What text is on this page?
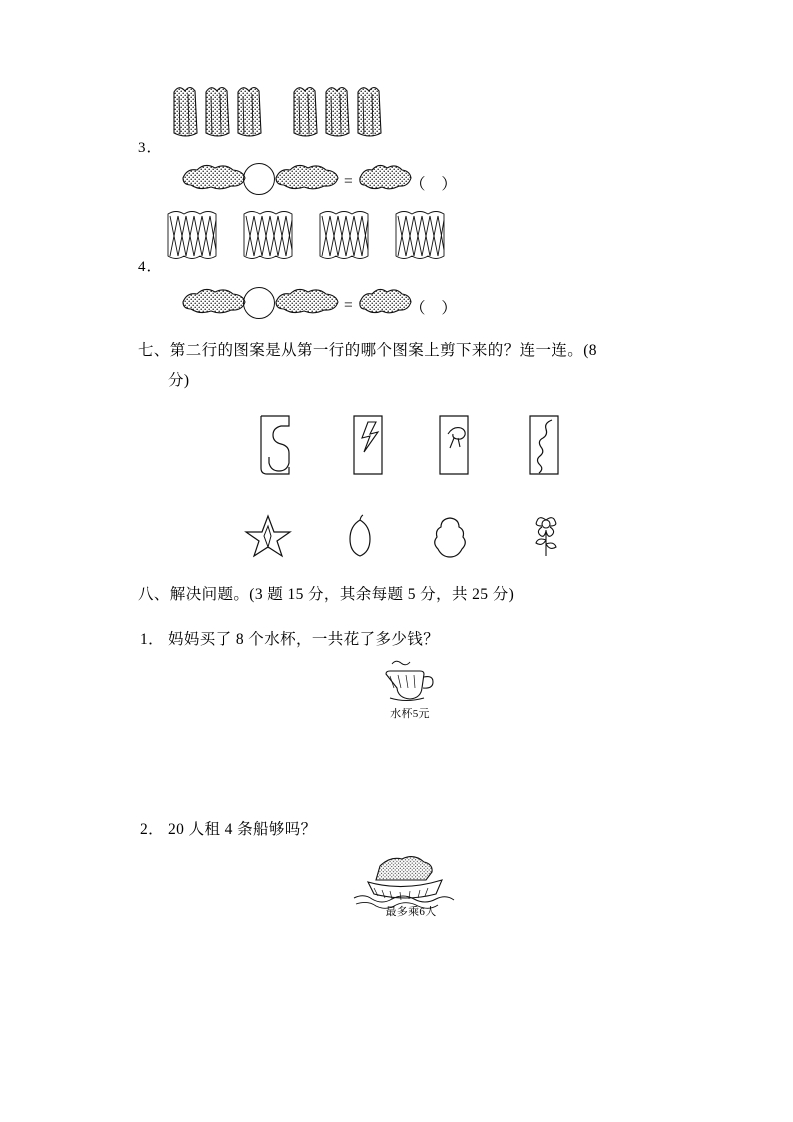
3．
=	（ ）
4．
=	（ ）
七、第二行的图案是从第一行的哪个图案上剪下来的？连一连。(8
分)
八、解决问题。(3 题 15 分，其余每题 5 分，共 25 分)
1． 妈妈买了 8 个水杯，一共花了多少钱？
水杯5元
2． 20 人租 4 条船够吗？
最多乘6人
